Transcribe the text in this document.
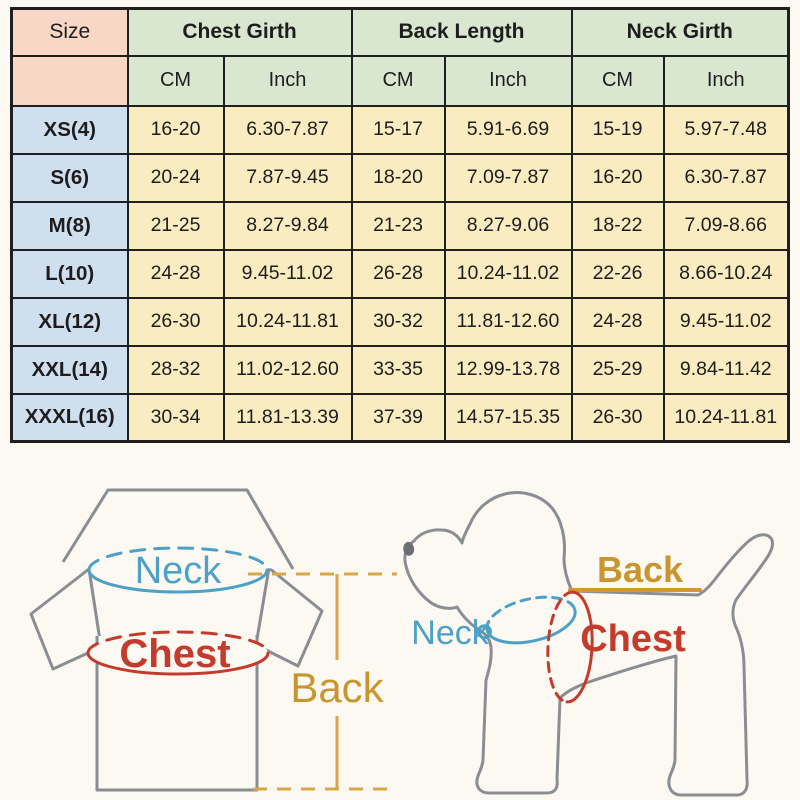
Size	Chest Girth		Back Length		Neck Girth	
	CM	Inch	CM	Inch	CM	Inch
XS(4)	16-20	6.30-7.87	15-17	5.91-6.69	15-19	5.97-7.48
S(6)	20-24	7.87-9.45	18-20	7.09-7.87	16-20	6.30-7.87
M(8)	21-25	8.27-9.84	21-23	8.27-9.06	18-22	7.09-8.66
L(10)	24-28	9.45-11.02	26-28	10.24-11.02	22-26	8.66-10.24
XL(12)	26-30	10.24-11.81	30-32	11.81-12.60	24-28	9.45-11.02
XXL(14)	28-32	11.02-12.60	33-35	12.99-13.78	25-29	9.84-11.42
XXXL(16)	30-34	11.81-13.39	37-39	14.57-15.35	26-30	10.24-11.81
Neck
Chest
Back
Neck Chest
Back
